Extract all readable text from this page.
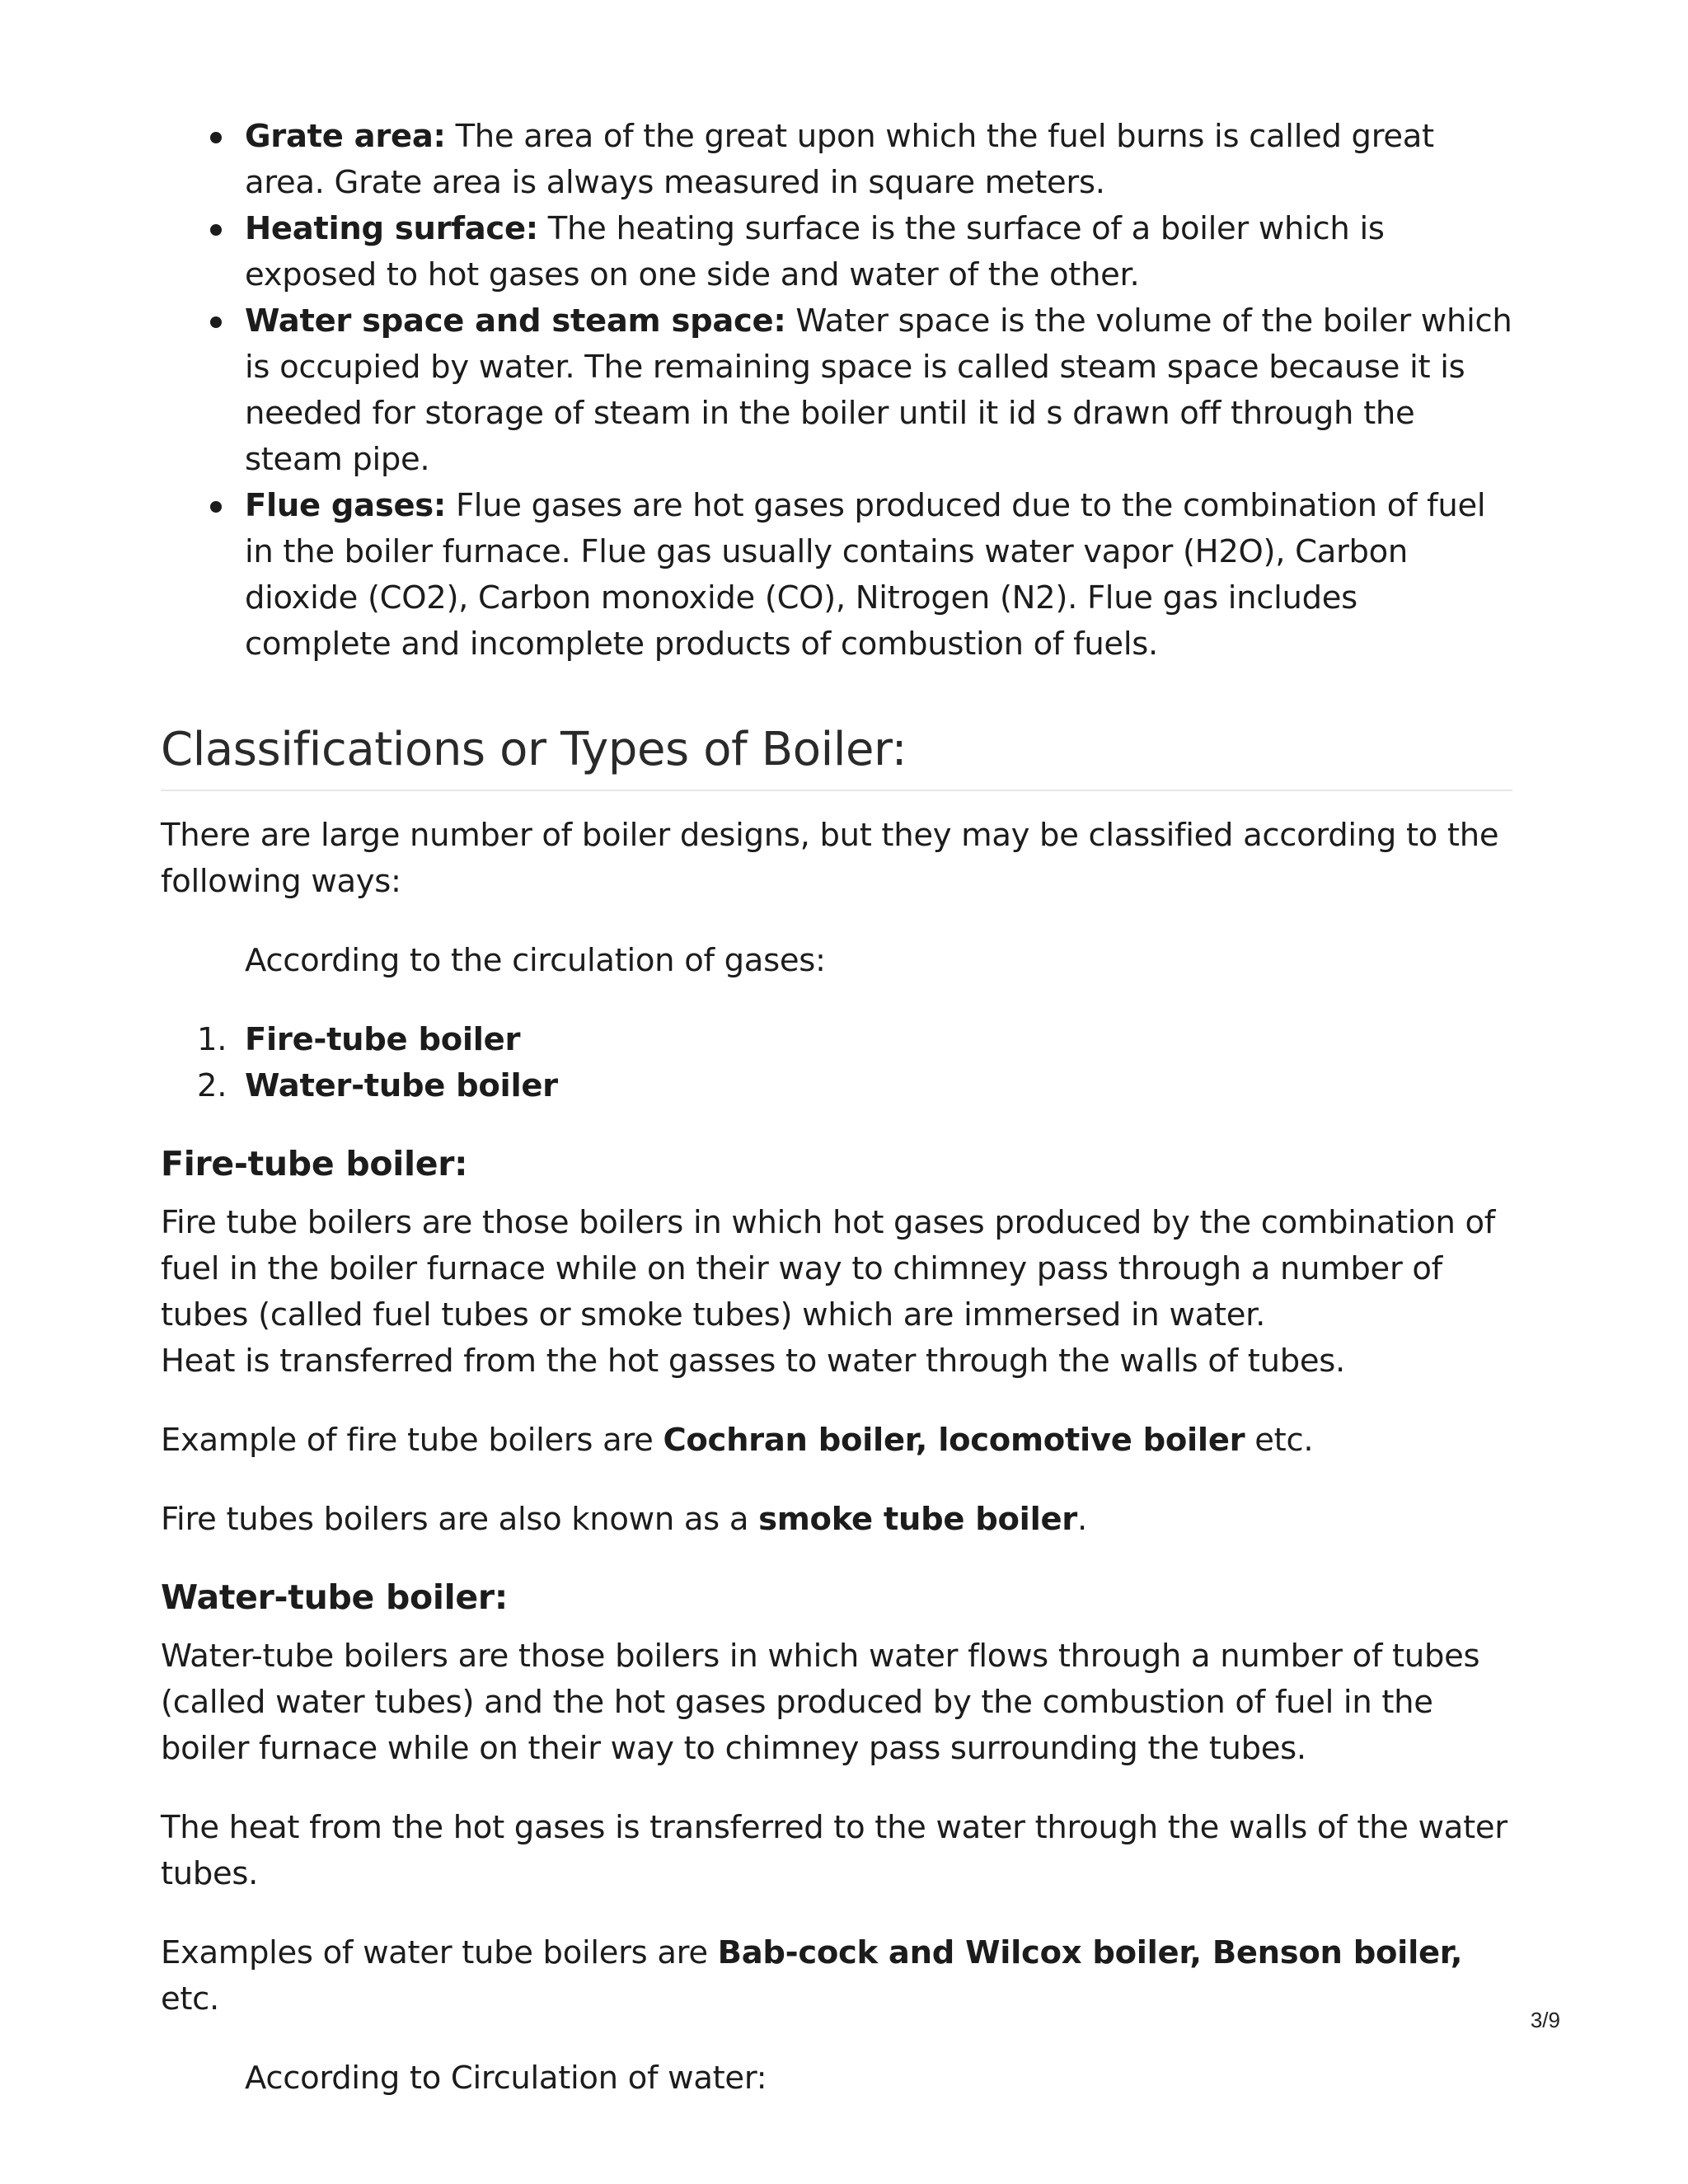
Grate area: The area of the great upon which the fuel burns is called great area. Grate area is always measured in square meters.
Heating surface: The heating surface is the surface of a boiler which is exposed to hot gases on one side and water of the other.
Water space and steam space: Water space is the volume of the boiler which is occupied by water. The remaining space is called steam space because it is needed for storage of steam in the boiler until it id s drawn off through the steam pipe.
Flue gases: Flue gases are hot gases produced due to the combination of fuel in the boiler furnace. Flue gas usually contains water vapor (H2O), Carbon dioxide (CO2), Carbon monoxide (CO), Nitrogen (N2). Flue gas includes complete and incomplete products of combustion of fuels.
Classifications or Types of Boiler:

There are large number of boiler designs, but they may be classified according to the following ways:

According to the circulation of gases:

1. Fire-tube boiler
2. Water-tube boiler
Fire-tube boiler:

Fire tube boilers are those boilers in which hot gases produced by the combination of fuel in the boiler furnace while on their way to chimney pass through a number of tubes (called fuel tubes or smoke tubes) which are immersed in water.
Heat is transferred from the hot gasses to water through the walls of tubes.

Example of fire tube boilers are Cochran boiler, locomotive boiler etc.

Fire tubes boilers are also known as a smoke tube boiler.

Water-tube boiler:

Water-tube boilers are those boilers in which water flows through a number of tubes (called water tubes) and the hot gases produced by the combustion of fuel in the boiler furnace while on their way to chimney pass surrounding the tubes.

The heat from the hot gases is transferred to the water through the walls of the water tubes.

Examples of water tube boilers are Bab-cock and Wilcox boiler, Benson boiler, etc.

According to Circulation of water:

3/9
